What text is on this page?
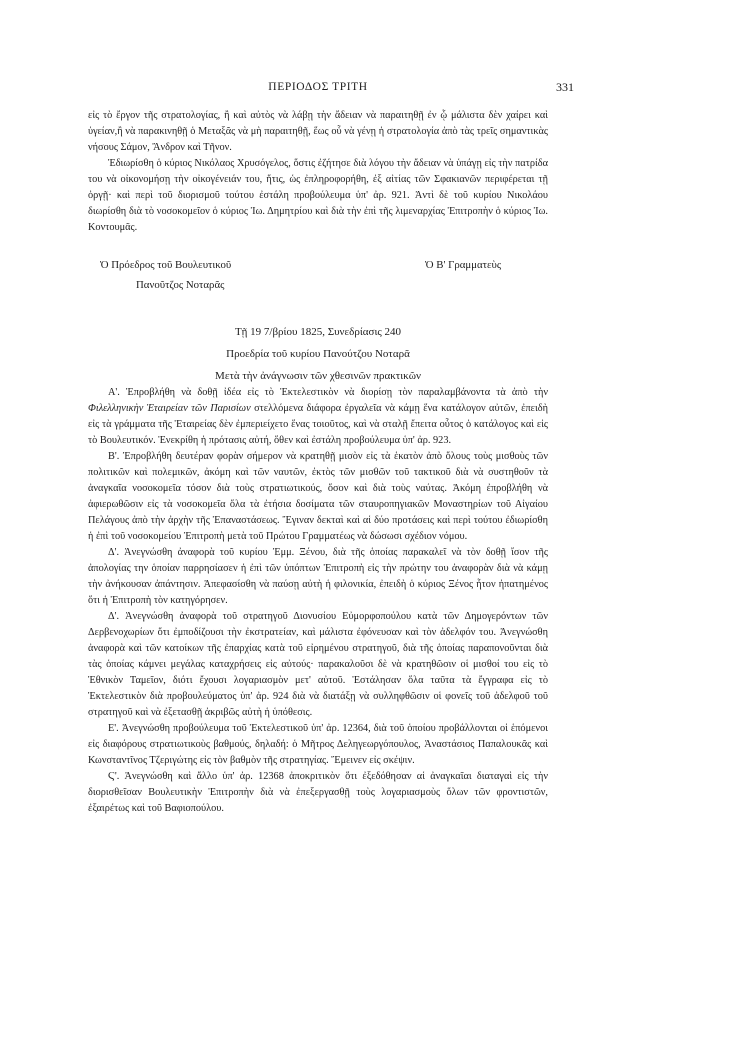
ΠΕΡΙΟΔΟΣ ΤΡΙΤΗ	331

εἰς τὸ ἔργον τῆς στρατολογίας, ἢ καὶ αὐτὸς νὰ λάβῃ τὴν ἄδειαν νὰ παραιτηθῇ ἐν ᾧ μάλιστα δὲν χαίρει καὶ ὑγείαν,ἢ νὰ παρακινηθῇ ὁ Μεταξᾶς νὰ μὴ παραιτηθῇ, ἕως οὗ νὰ γένῃ ἡ στρατολογία ἀπὸ τὰς τρεῖς σημαντικὰς νήσους Σάμον, Ἄνδρον καὶ Τῆνον.

Ἐδιωρίσθη ὁ κύριος Νικόλαος Χρυσόγελος, ὅστις ἐζήτησε διὰ λόγου τὴν ἄδειαν νὰ ὑπάγῃ εἰς τὴν πατρίδα του νὰ οἰκονομήσῃ τὴν οἰκογένειάν του, ἥτις, ὡς ἐπληροφορήθη, ἐξ αἰτίας τῶν Σφακιανῶν περιφέρεται τῇ ὀργῇ· καὶ περὶ τοῦ διορισμοῦ τούτου ἐστάλη προβούλευμα ὑπ' ἀρ. 921. Ἀντὶ δὲ τοῦ κυρίου Νικολάου διωρίσθη διὰ τὸ νοσοκομεῖον ὁ κύριος Ἰω. Δημητρίου καὶ διὰ τὴν ἐπὶ τῆς λιμεναρχίας Ἐπιτροπὴν ὁ κύριος Ἰω. Κοντουμᾶς.

Ὁ Πρόεδρος τοῦ Βουλευτικοῦ
Πανοῦτζος Νοταρᾶς
Ὁ Β' Γραμματεὺς
Τῇ 19 7/βρίου 1825, Συνεδρίασις 240
Προεδρία τοῦ κυρίου Πανούτζου Νοταρᾶ
Μετὰ τὴν ἀνάγνωσιν τῶν χθεσινῶν πρακτικῶν

Α'. Ἐπροβλήθη νὰ δοθῇ ἰδέα εἰς τὸ Ἐκτελεστικὸν νὰ διορίσῃ τὸν παραλαμβάνοντα τὰ ἀπὸ τὴν Φιλελληνικὴν Ἑταιρείαν τῶν Παρισίων στελλόμενα διάφορα ἐργαλεῖα νὰ κάμῃ ἕνα κατάλογον αὐτῶν, ἐπειδὴ εἰς τὰ γράμματα τῆς Ἑταιρείας δὲν ἐμπεριείχετο ἕνας τοιοῦτος, καὶ νὰ σταλῇ ἔπειτα οὗτος ὁ κατάλογος καὶ εἰς τὸ Βουλευτικόν. Ἐνεκρίθη ἡ πρότασις αὐτή, ὅθεν καὶ ἐστάλη προβούλευμα ὑπ' ἀρ. 923.

Β'. Ἐπροβλήθη δευτέραν φορὰν σήμερον νὰ κρατηθῇ μισὸν εἰς τὰ ἑκατὸν ἀπὸ ὅλους τοὺς μισθοὺς τῶν πολιτικῶν καὶ πολεμικῶν, ἀκόμη καὶ τῶν ναυτῶν, ἐκτὸς τῶν μισθῶν τοῦ τακτικοῦ διὰ νὰ συστηθοῦν τὰ ἀναγκαῖα νοσοκομεῖα τόσον διὰ τοὺς στρατιωτικούς, ὅσον καὶ διὰ τοὺς ναύτας. Ἀκόμη ἐπροβλήθη νὰ ἀφιερωθῶσιν εἰς τὰ νοσοκομεῖα ὅλα τὰ ἐτήσια δοσίματα τῶν σταυροπηγιακῶν Μοναστηρίων τοῦ Αἰγαίου Πελάγους ἀπὸ τὴν ἀρχὴν τῆς Ἐπαναστάσεως. Ἔγιναν δεκταὶ καὶ αἱ δύο προτάσεις καὶ περὶ τούτου ἐδιωρίσθη ἡ ἐπὶ τοῦ νοσοκομείου Ἐπιτροπὴ μετὰ τοῦ Πρώτου Γραμματέως νὰ δώσωσι σχέδιον νόμου.

Δ'. Ἀνεγνώσθη ἀναφορὰ τοῦ κυρίου Ἐμμ. Ξένου, διὰ τῆς ὁποίας παρακαλεῖ νὰ τὸν δοθῇ ἴσον τῆς ἀπολογίας την ὁποίαν παρρησίασεν ἡ ἐπὶ τῶν ὑπόπτων Ἐπιτροπὴ εἰς τὴν πρώτην του ἀναφορὰν διὰ νὰ κάμῃ τὴν ἀνήκουσαν ἀπάντησιν. Ἀπεφασίσθη νὰ παύσῃ αὐτὴ ἡ φιλονικία, ἐπειδὴ ὁ κύριος Ξένος ἦτον ἠπατημένος ὅτι ἡ Ἐπιτροπὴ τὸν κατηγόρησεν.

Δ'. Ἀνεγνώσθη ἀναφορὰ τοῦ στρατηγοῦ Διονυσίου Εὐμορφοπούλου κατὰ τῶν Δημογερόντων τῶν Δερβενοχωρίων ὅτι ἐμποδίζουσι τὴν ἐκστρατείαν, καὶ μάλιστα ἐφόνευσαν καὶ τὸν ἀδελφόν του. Ἀνεγνώσθη ἀναφορὰ καὶ τῶν κατοίκων τῆς ἐπαρχίας κατὰ τοῦ εἰρημένου στρατηγοῦ, διὰ τῆς ὁποίας παραπονοῦνται διὰ τὰς ὁποίας κάμνει μεγάλας καταχρήσεις εἰς αὐτούς· παρακαλοῦσι δὲ νὰ κρατηθῶσιν οἱ μισθοί του εἰς τὸ Ἐθνικὸν Ταμεῖον, διότι ἔχουσι λογαριασμὸν μετ' αὐτοῦ. Ἐστάλησαν ὅλα ταῦτα τὰ ἔγγραφα εἰς τὸ Ἐκτελεστικὸν διὰ προβουλεύματος ὑπ' ἀρ. 924 διὰ νὰ διατάξῃ νὰ συλληφθῶσιν οἱ φονεῖς τοῦ ἀδελφοῦ τοῦ στρατηγοῦ καὶ νὰ ἐξετασθῇ ἀκριβῶς αὐτὴ ἡ ὑπόθεσις.

Ε'. Ἀνεγνώσθη προβούλευμα τοῦ Ἐκτελεστικοῦ ὑπ' ἀρ. 12364, διὰ τοῦ ὁποίου προβάλλονται οἱ ἑπόμενοι εἰς διαφόρους στρατιωτικοὺς βαθμούς, δηλαδή: ὁ Μῆτρος Δεληγεωργόπουλος, Ἀναστάσιος Παπαλουκᾶς καὶ Κωνσταντῖνος Τζεριγώτης εἰς τὸν βαθμὸν τῆς στρατηγίας. Ἔμεινεν εἰς σκέψιν.

Ϛ'. Ἀνεγνώσθη καὶ ἄλλο ὑπ' ἀρ. 12368 ἀποκριτικὸν ὅτι ἐξεδόθησαν αἱ ἀναγκαῖαι διαταγαὶ εἰς τὴν διορισθεῖσαν Βουλευτικὴν Ἐπιτροπὴν διὰ νὰ ἐπεξεργασθῇ τοὺς λογαριασμοὺς ὅλων τῶν φροντιστῶν, ἐξαιρέτως καὶ τοῦ Βαφιοπούλου.
